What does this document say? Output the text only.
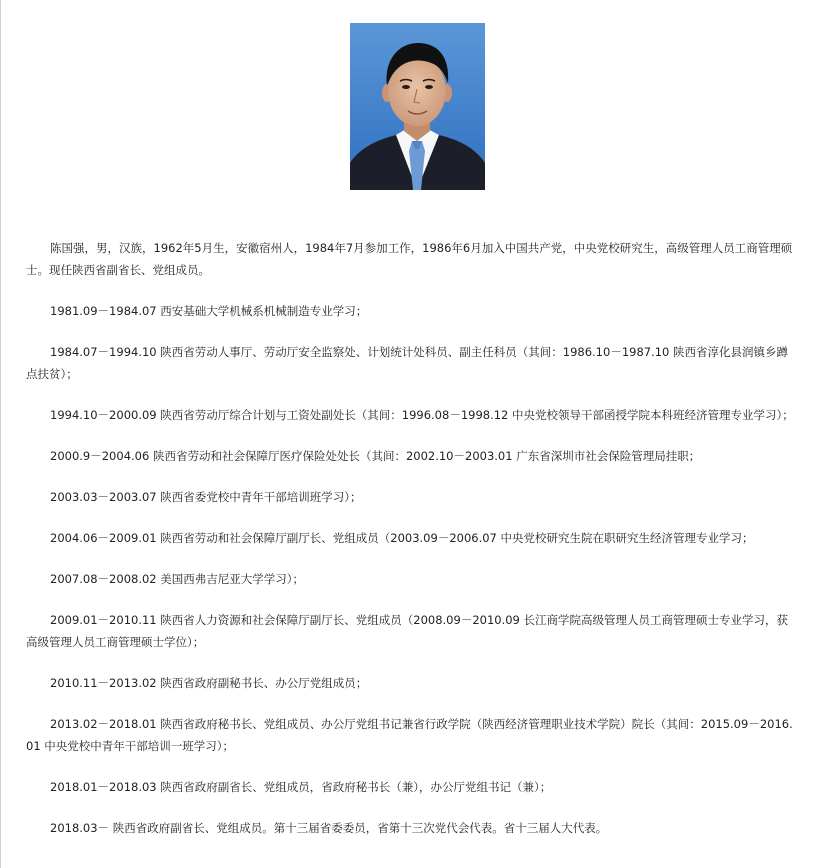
陈国强，男，汉族，1962年5月生，安徽宿州人，1984年7月参加工作，1986年6月加入中国共产党，中央党校研究生，高级管理人员工商管理硕士。现任陕西省副省长、党组成员。

1981.09－1984.07 西安基础大学机械系机械制造专业学习；

1984.07－1994.10 陕西省劳动人事厅、劳动厅安全监察处、计划统计处科员、副主任科员（其间：1986.10－1987.10 陕西省淳化县润镇乡蹲点扶贫）；

1994.10－2000.09 陕西省劳动厅综合计划与工资处副处长（其间：1996.08－1998.12 中央党校领导干部函授学院本科班经济管理专业学习）；

2000.9－2004.06 陕西省劳动和社会保障厅医疗保险处处长（其间：2002.10－2003.01 广东省深圳市社会保险管理局挂职；

2003.03－2003.07 陕西省委党校中青年干部培训班学习）；

2004.06－2009.01 陕西省劳动和社会保障厅副厅长、党组成员（2003.09－2006.07 中央党校研究生院在职研究生经济管理专业学习；

2007.08－2008.02 美国西弗吉尼亚大学学习）；

2009.01－2010.11 陕西省人力资源和社会保障厅副厅长、党组成员（2008.09－2010.09 长江商学院高级管理人员工商管理硕士专业学习，获高级管理人员工商管理硕士学位）；

2010.11－2013.02 陕西省政府副秘书长、办公厅党组成员；

2013.02－2018.01 陕西省政府秘书长、党组成员、办公厅党组书记兼省行政学院（陕西经济管理职业技术学院）院长（其间：2015.09－2016.01 中央党校中青年干部培训一班学习）；

2018.01－2018.03 陕西省政府副省长、党组成员，省政府秘书长（兼），办公厅党组书记（兼）；

2018.03－ 陕西省政府副省长、党组成员。第十三届省委委员，省第十三次党代会代表。省十三届人大代表。
